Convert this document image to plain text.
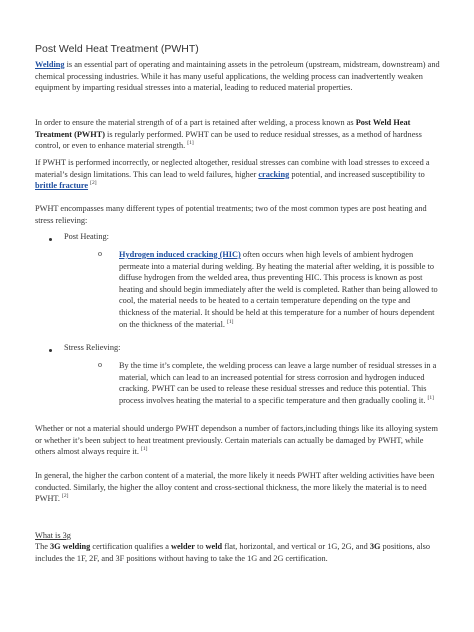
Post Weld Heat Treatment (PWHT)

Welding is an essential part of operating and maintaining assets in the petroleum (upstream, midstream, downstream) and chemical processing industries. While it has many useful applications, the welding process can inadvertently weaken equipment by imparting residual stresses into a material, leading to reduced material properties.

In order to ensure the material strength of of a part is retained after welding, a process known as Post Weld Heat Treatment (PWHT) is regularly performed. PWHT can be used to reduce residual stresses, as a method of hardness control, or even to enhance material strength. [1]

If PWHT is performed incorrectly, or neglected altogether, residual stresses can combine with load stresses to exceed a material’s design limitations. This can lead to weld failures, higher cracking potential, and increased susceptibility to brittle fracture [2]

PWHT encompasses many different types of potential treatments; two of the most common types are post heating and stress relieving:

Post Heating:
o Hydrogen induced cracking (HIC) often occurs when high levels of ambient hydrogen permeate into a material during welding. By heating the material after welding, it is possible to diffuse hydrogen from the welded area, thus preventing HIC. This process is known as post heating and should begin immediately after the weld is completed. Rather than being allowed to cool, the material needs to be heated to a certain temperature depending on the type and thickness of the material. It should be held at this temperature for a number of hours dependent on the thickness of the material. [1]

Stress Relieving:
o By the time it’s complete, the welding process can leave a large number of residual stresses in a material, which can lead to an increased potential for stress corrosion and hydrogen induced cracking. PWHT can be used to release these residual stresses and reduce this potential. This process involves heating the material to a specific temperature and then gradually cooling it. [1]

Whether or not a material should undergo PWHT dependson a number of factors,including things like its alloying system or whether it’s been subject to heat treatment previously. Certain materials can actually be damaged by PWHT, while others almost always require it. [1]

In general, the higher the carbon content of a material, the more likely it needs PWHT after welding activities have been conducted. Similarly, the higher the alloy content and cross-sectional thickness, the more likely the material is to need PWHT. [2]

What is 3g

The 3G welding certification qualifies a welder to weld flat, horizontal, and vertical or 1G, 2G, and 3G positions, also includes the 1F, 2F, and 3F positions without having to take the 1G and 2G certification.
